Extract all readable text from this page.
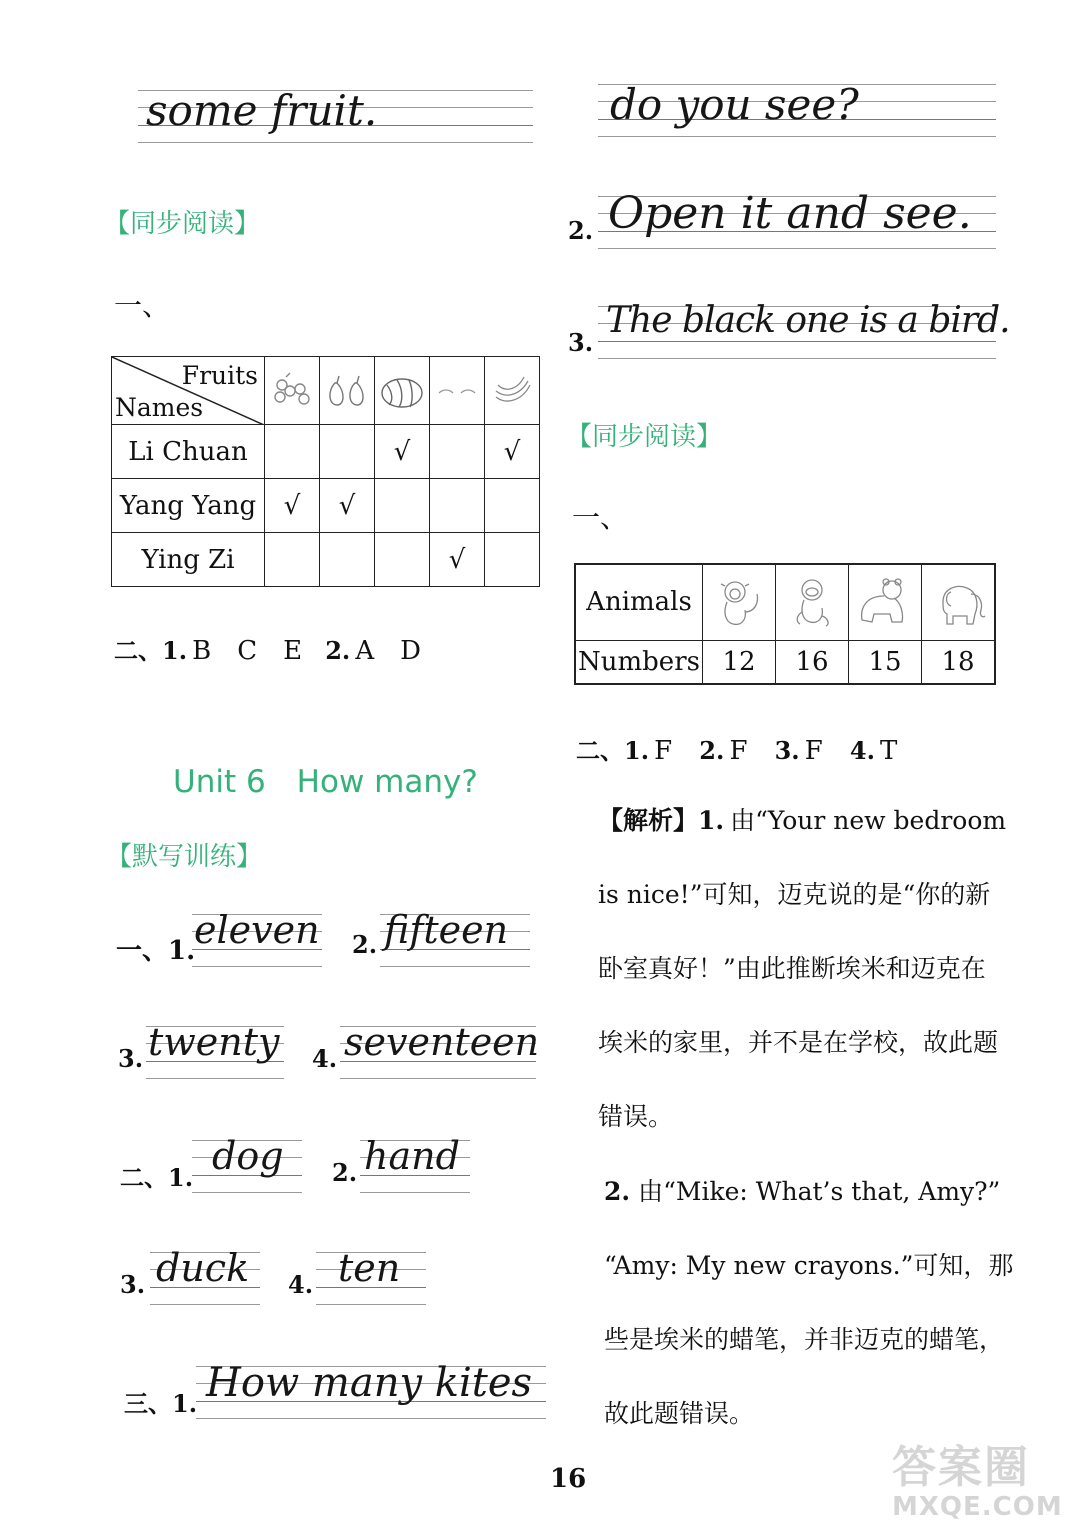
some fruit.
【同步阅读】
一、
Fruits
Names

Li Chuan			√		√
Yang Yang	√	√			
Ying Zi				√	
二、1. B　C　E 2. A　D
Unit 6　How many?
【默写训练】
一、1.
eleven 2. fifteen
3. twenty 4. seventeen
二、1. dog 2. hand
3. duck 4. ten
三、1. How many kites
do you see?
2. Open it and see.
3.
The black one is a bird.
【同步阅读】
一、
Animals	

Numbers	12	16	15	18
二、1. F 2. F 3. F 4. T
【解析】1. 由“Your new bedroom is nice!”可知，迈克说的是“你的新卧室真好！”由此推断埃米和迈克在埃米的家里，并不是在学校，故此题错误。
2. 由“Mike: What’s that, Amy?” “Amy: My new crayons.”可知，那些是埃米的蜡笔，并非迈克的蜡笔，故此题错误。
16	答案圈
MXQE.COM
